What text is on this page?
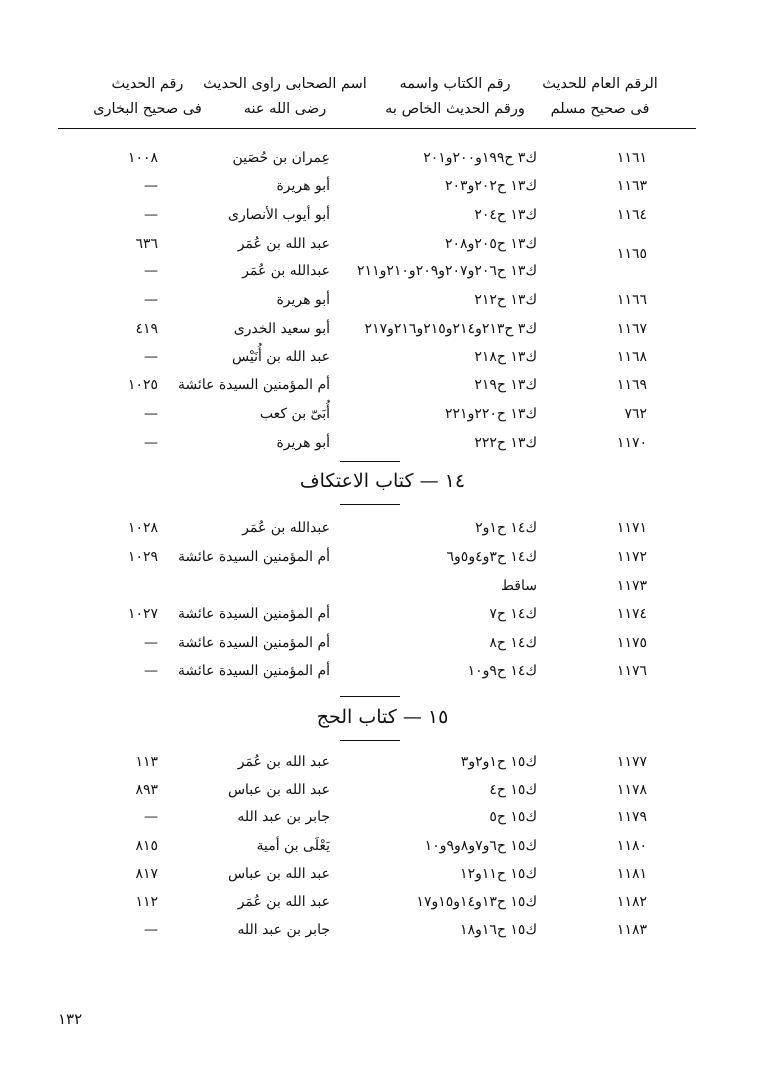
الرقم العام للحديث
فى صحيح مسلم
رقم الكتاب واسمه
ورقم الحديث الخاص به
اسم الصحابى راوى الحديث
رضى الله عنه
رقم الحديث
فى صحيح البخارى
١١٦١
ك٣ ح١٩٩و٢٠٠و٢٠١
عِمران بن حُصَين
١٠٠٨
١١٦٣
ك١٣ ح٢٠٢و٢٠٣
أبو هريرة
—
١١٦٤
ك١٣ ح٢٠٤
أبو أيوب الأنصارى
—
ك١٣ ح٢٠٥و٢٠٨
عبد الله بن عُمَر
٦٣٦
ك١٣ ح٢٠٦و٢٠٧و٢٠٩و٢١٠و٢١١
عبدالله بن عُمَر
—
١١٦٦
ك١٣ ح٢١٢
أبو هريرة
—
١١٦٧
ك٣ ح٢١٣و٢١٤و٢١٥و٢١٦و٢١٧
أبو سعيد الخدرى
٤١٩
١١٦٨
ك١٣ ح٢١٨
عبد الله بن أُنَيْس
—
١١٦٩
ك١٣ ح٢١٩
أم المؤمنين السيدة عائشة
١٠٢٥
٧٦٢
ك١٣ ح٢٢٠و٢٢١
أُبَىّ بن كعب
—
١١٧٠
ك١٣ ح٢٢٢
أبو هريرة
—
١١٦٥
١٤ — كتاب الاعتكاف
١١٧١
ك١٤ ح١و٢
عبدالله بن عُمَر
١٠٢٨
١١٧٢
ك١٤ ح٣و٤و٥و٦
أم المؤمنين السيدة عائشة
١٠٢٩
١١٧٣
ساقط
١١٧٤
ك١٤ ح٧
أم المؤمنين السيدة عائشة
١٠٢٧
١١٧٥
ك١٤ ح٨
أم المؤمنين السيدة عائشة
—
١١٧٦
ك١٤ ح٩و١٠
أم المؤمنين السيدة عائشة
—
١٥ — كتاب الحج
١١٧٧
ك١٥ ح١و٢و٣
عبد الله بن عُمَر
١١٣
١١٧٨
ك١٥ ح٤
عبد الله بن عباس
٨٩٣
١١٧٩
ك١٥ ح٥
جابر بن عبد الله
—
١١٨٠
ك١٥ ح٦و٧و٨و٩و١٠
يَعْلَى بن أمية
٨١٥
١١٨١
ك١٥ ح١١و١٢
عبد الله بن عباس
٨١٧
١١٨٢
ك١٥ ح١٣و١٤و١٥و١٧
عبد الله بن عُمَر
١١٢
١١٨٣
ك١٥ ح١٦و١٨
جابر بن عبد الله
—
١٣٢
